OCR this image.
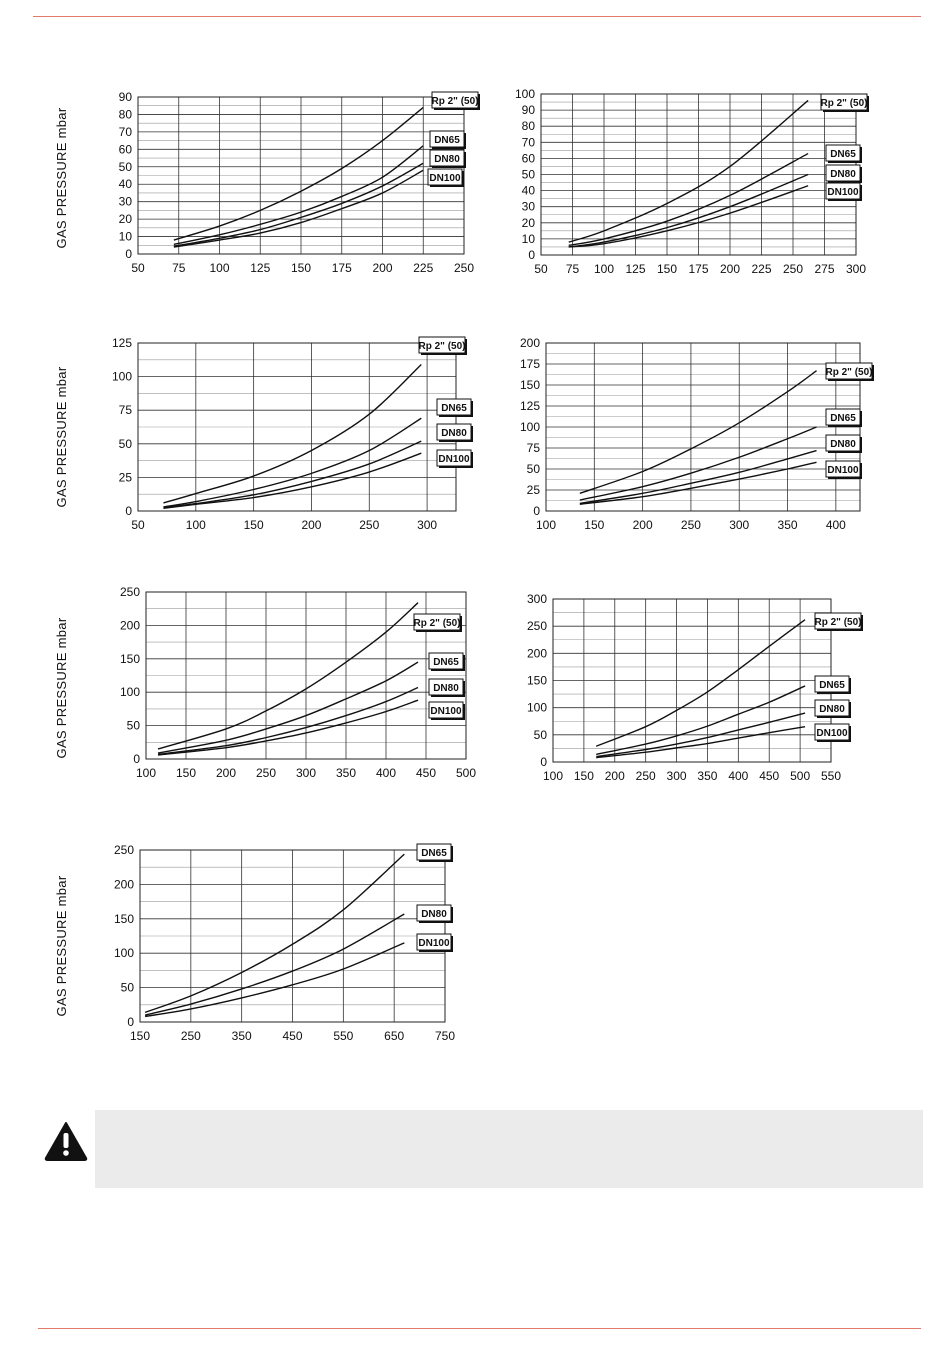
50 75 100 125 150 175 200 225 250
0
10
20
30
40
50
60
70
80
90	Rp 2" (50)
DN65
DN80
DN100
GAS PRESSURE mbar
50 75 100 125 150 175 200 225 250 275 300
0
10
20
30
40
50
60
70
80
90
100
Rp 2" (50)
DN65
DN80
DN100
50	100	150	200	250	300
0
25
50
75
100
125	Rp 2" (50)
DN65
DN80
DN100
GAS PRESSURE mbar
100 150 200 250 300 350 400
0
25
50
75
100
125
150
175
200
Rp 2" (50)
DN65
DN80
DN100
100 150 200 250 300 350 400 450 500
0
50
100
150
200
250
Rp 2" (50)
DN65
DN80
DN100
GAS PRESSURE mbar
100 150 200 250 300 350 400 450 500 550
0
50
100
150
200
250
300
Rp 2" (50)
DN65
DN80
DN100
150	250	350	450	550	650	750
0
50
100
150
200
250	DN65
DN80
DN100
GAS PRESSURE mbar
